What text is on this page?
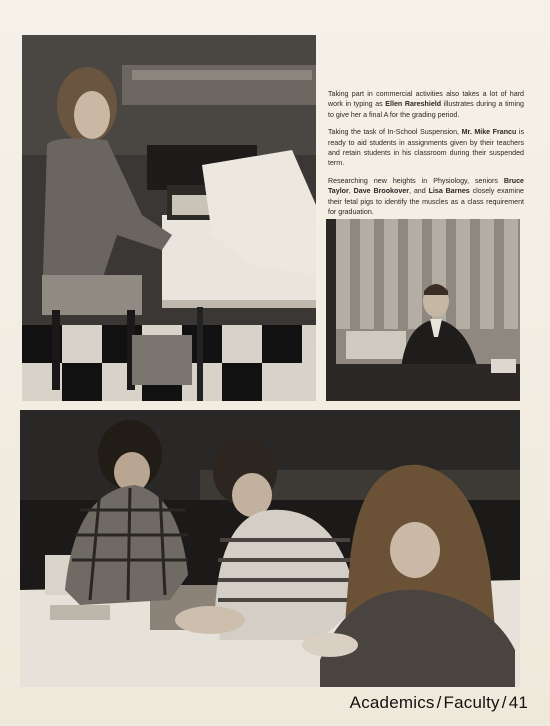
Taking part in commercial activities also takes a lot of hard work in typing as Ellen Rareshield illustrates during a timing to give her a final A for the grading period.

Taking the task of In-School Suspension, Mr. Mike Francu is ready to aid students in assignments given by their teachers and retain students in his classroom during their suspended term.

Researching new heights in Physiology, seniors Bruce Taylor, Dave Brookover, and Lisa Barnes closely examine their fetal pigs to identify the muscles as a class requirement for graduation.

Academics / Faculty / 41
